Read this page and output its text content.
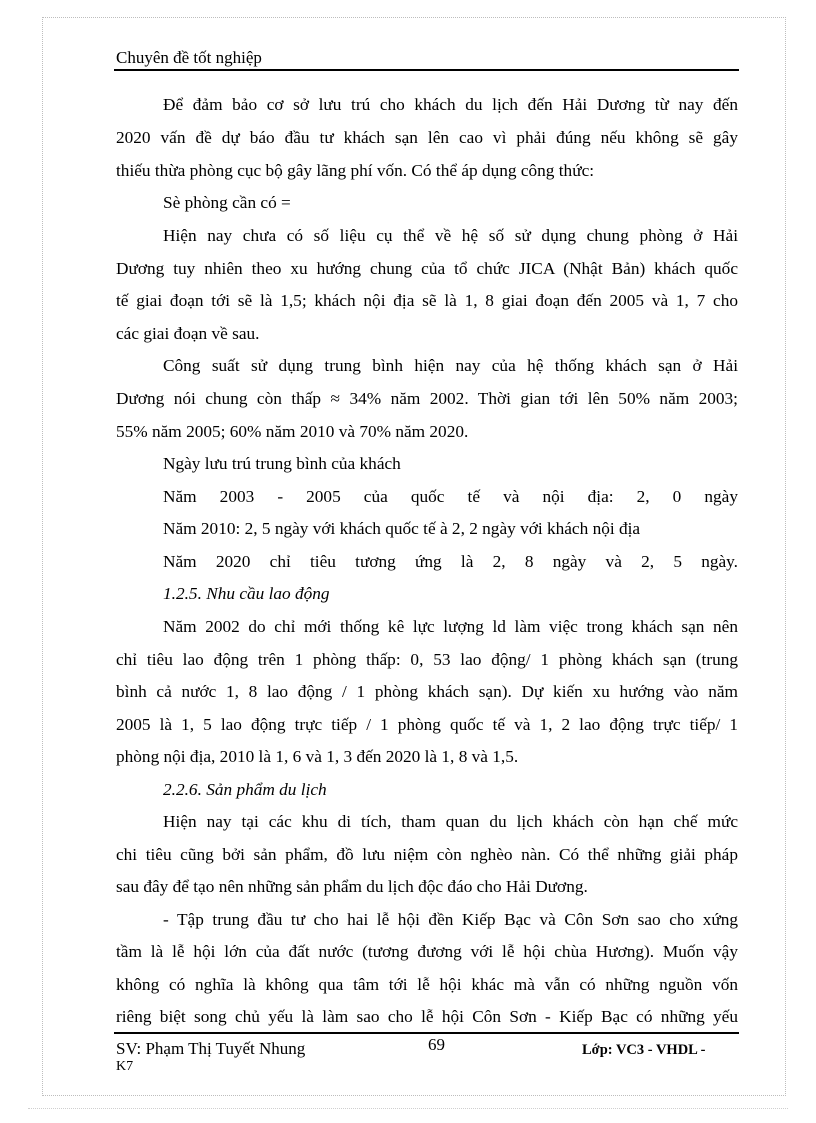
Chuyên đề tốt nghiệp
Để đảm bảo cơ sở lưu trú cho khách du lịch đến Hải Dương từ nay đến
2020 vấn đề dự báo đầu tư khách sạn lên cao vì phải đúng nếu không sẽ gây
thiếu thừa phòng cục bộ gây lãng phí vốn. Có thể áp dụng công thức:
Sè phòng cần có =
Hiện nay chưa có số liệu cụ thể về hệ số sử dụng chung phòng ở Hải
Dương tuy nhiên theo xu hướng chung của tổ chức JICA (Nhật Bản) khách quốc
tế giai đoạn tới sẽ là 1,5; khách nội địa sẽ là 1, 8 giai đoạn đến 2005 và 1, 7 cho
các giai đoạn về sau.
Công suất sử dụng trung bình hiện nay của hệ thống khách sạn ở Hải
Dương nói chung còn thấp ≈ 34% năm 2002. Thời gian tới lên 50% năm 2003;
55% năm 2005; 60% năm 2010 và 70% năm 2020.
Ngày lưu trú trung bình của khách
Năm 2003 - 2005 của quốc tế và nội địa: 2, 0 ngày
Năm 2010: 2, 5 ngày với khách quốc tế à 2, 2 ngày với khách nội địa
Năm 2020 chỉ tiêu tương ứng là 2, 8 ngày và 2, 5 ngày.
1.2.5. Nhu cầu lao động
Năm 2002 do chỉ mới thống kê lực lượng ld làm việc trong khách sạn nên
chỉ tiêu lao động trên 1 phòng thấp: 0, 53 lao động/ 1 phòng khách sạn (trung
bình cả nước 1, 8 lao động / 1 phòng khách sạn). Dự kiến xu hướng vào năm
2005 là 1, 5 lao động trực tiếp / 1 phòng quốc tế và 1, 2 lao động trực tiếp/ 1
phòng nội địa, 2010 là 1, 6 và 1, 3 đến 2020 là 1, 8 và 1,5.
2.2.6. Sản phẩm du lịch
Hiện nay tại các khu di tích, tham quan du lịch khách còn hạn chế mức
chi tiêu cũng bởi sản phẩm, đồ lưu niệm còn nghèo nàn. Có thể những giải pháp
sau đây để tạo nên những sản phẩm du lịch độc đáo cho Hải Dương.
- Tập trung đầu tư cho hai lễ hội đền Kiếp Bạc và Côn Sơn sao cho xứng
tầm là lễ hội lớn của đất nước (tương đương với lễ hội chùa Hương). Muốn vậy
không có nghĩa là không qua tâm tới lễ hội khác mà vẫn có những nguồn vốn
riêng biệt song chủ yếu là làm sao cho lễ hội Côn Sơn - Kiếp Bạc có những yếu
SV: Phạm Thị Tuyết Nhung	69	Lớp: VC3 - VHDL -
K7
